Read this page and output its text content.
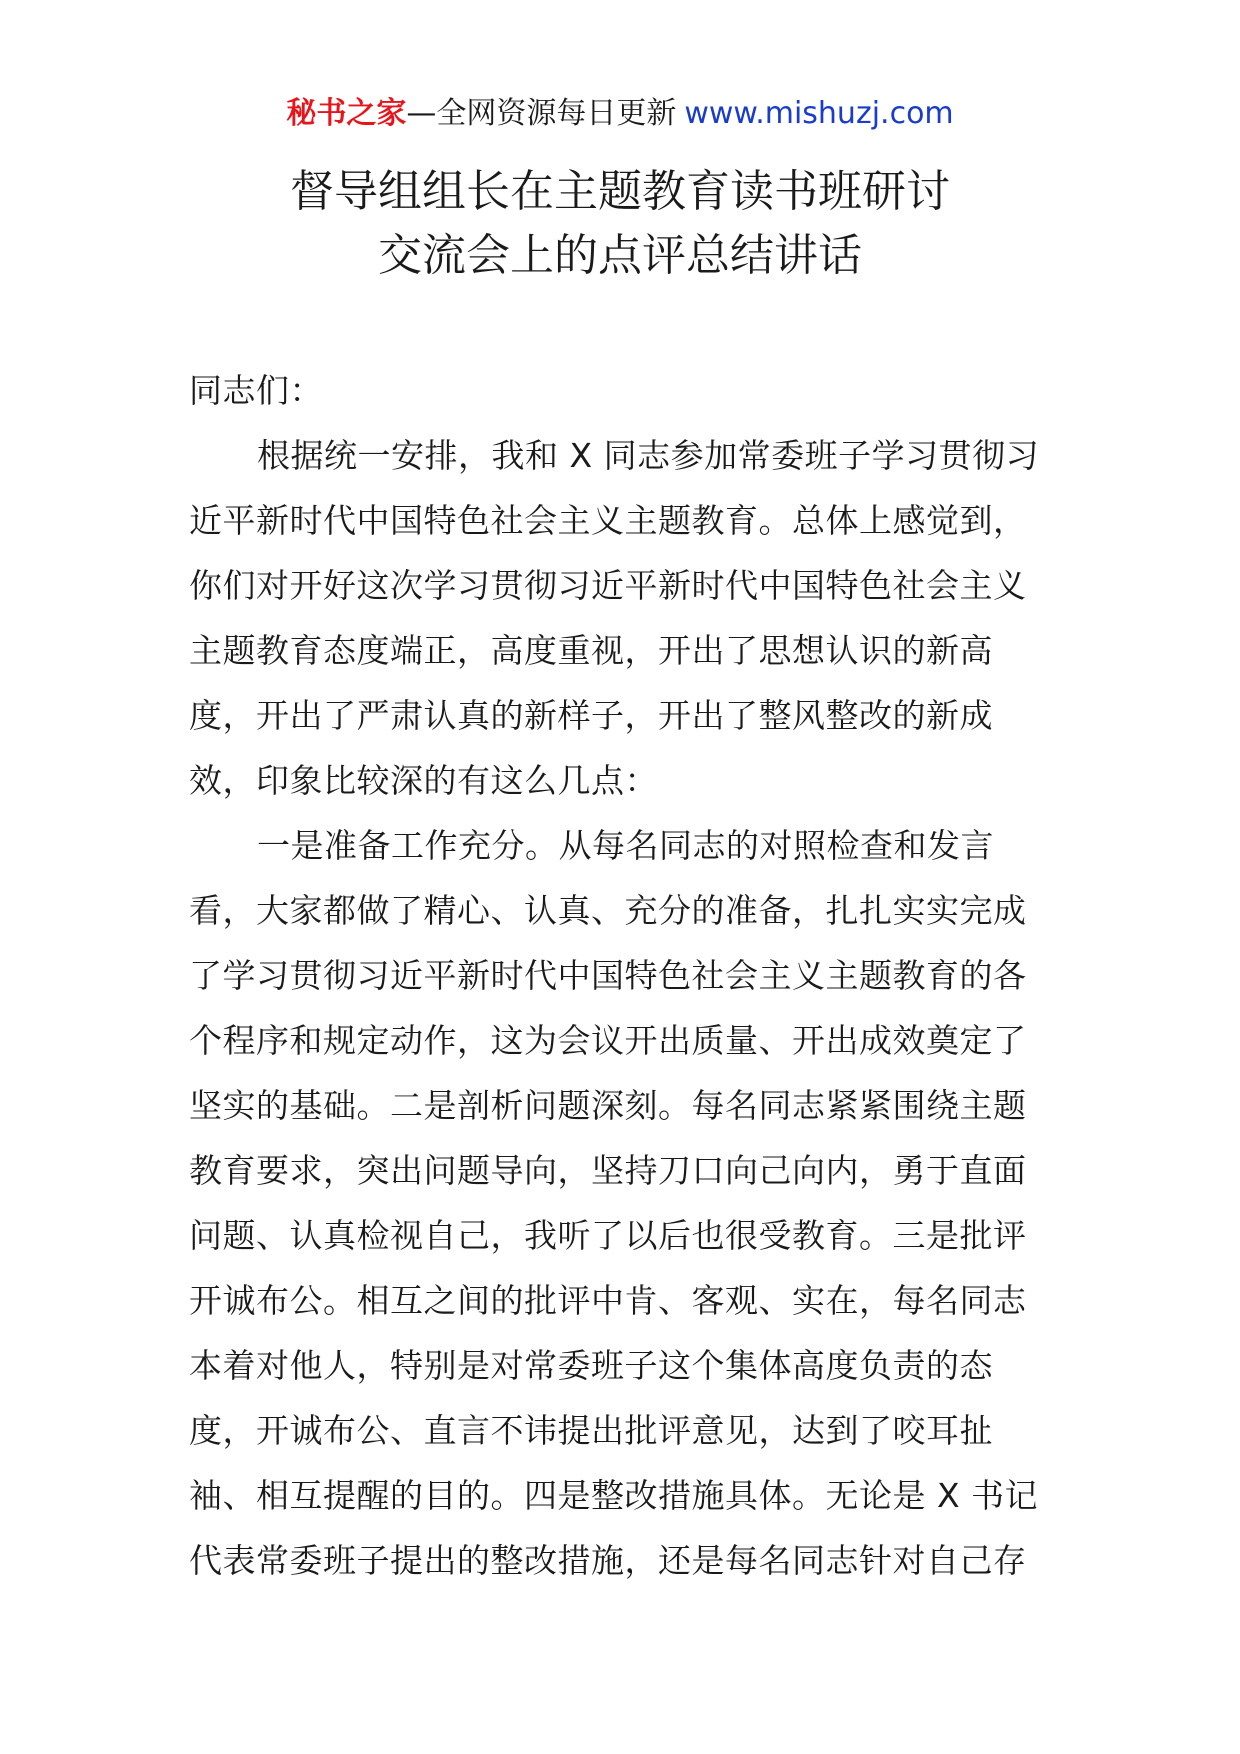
秘书之家—全网资源每日更新 www.mishuzj.com
督导组组长在主题教育读书班研讨
交流会上的点评总结讲话
同志们：
根据统一安排，我和 X 同志参加常委班子学习贯彻习
近平新时代中国特色社会主义主题教育。总体上感觉到，
你们对开好这次学习贯彻习近平新时代中国特色社会主义
主题教育态度端正，高度重视，开出了思想认识的新高
度，开出了严肃认真的新样子，开出了整风整改的新成
效，印象比较深的有这么几点：
一是准备工作充分。从每名同志的对照检查和发言
看，大家都做了精心、认真、充分的准备，扎扎实实完成
了学习贯彻习近平新时代中国特色社会主义主题教育的各
个程序和规定动作，这为会议开出质量、开出成效奠定了
坚实的基础。二是剖析问题深刻。每名同志紧紧围绕主题
教育要求，突出问题导向，坚持刀口向己向内，勇于直面
问题、认真检视自己，我听了以后也很受教育。三是批评
开诚布公。相互之间的批评中肯、客观、实在，每名同志
本着对他人，特别是对常委班子这个集体高度负责的态
度，开诚布公、直言不讳提出批评意见，达到了咬耳扯
袖、相互提醒的目的。四是整改措施具体。无论是 X 书记
代表常委班子提出的整改措施，还是每名同志针对自己存
